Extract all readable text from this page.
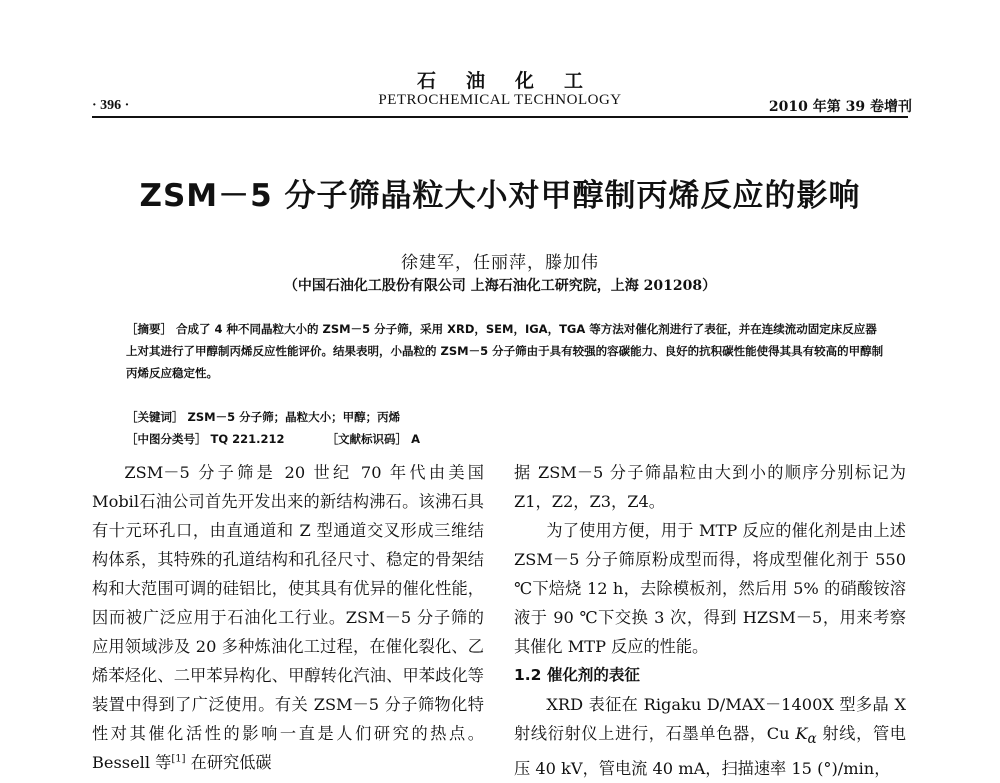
石油化工
PETROCHEMICAL TECHNOLOGY
· 396 ·	2010 年第 39 卷增刊
ZSM－5 分子筛晶粒大小对甲醇制丙烯反应的影响
徐建军，任丽萍，滕加伟
（中国石油化工股份有限公司 上海石油化工研究院，上海 201208）
［摘要］ 合成了 4 种不同晶粒大小的 ZSM－5 分子筛，采用 XRD，SEM，IGA，TGA 等方法对催化剂进行了表征，并在连续流动固定床反应器上对其进行了甲醇制丙烯反应性能评价。结果表明，小晶粒的 ZSM－5 分子筛由于具有较强的容碳能力、良好的抗积碳性能使得其具有较高的甲醇制丙烯反应稳定性。
［关键词］ ZSM－5 分子筛；晶粒大小；甲醇；丙烯
［中图分类号］ TQ 221.212	［文献标识码］ A

ZSM－5 分子筛是 20 世纪 70 年代由美国 Mobil石油公司首先开发出来的新结构沸石。该沸石具有十元环孔口，由直通道和 Z 型通道交叉形成三维结构体系，其特殊的孔道结构和孔径尺寸、稳定的骨架结构和大范围可调的硅铝比，使其具有优异的催化性能，因而被广泛应用于石油化工行业。ZSM－5 分子筛的应用领域涉及 20 多种炼油化工过程，在催化裂化、乙烯苯烃化、二甲苯异构化、甲醇转化汽油、甲苯歧化等装置中得到了广泛使用。有关 ZSM－5 分子筛物化特性对其催化活性的影响一直是人们研究的热点。Bessell 等[1] 在研究低碳

据 ZSM－5 分子筛晶粒由大到小的顺序分别标记为 Z1，Z2，Z3，Z4。

为了使用方便，用于 MTP 反应的催化剂是由上述 ZSM－5 分子筛原粉成型而得，将成型催化剂于 550 ℃下焙烧 12 h，去除模板剂，然后用 5% 的硝酸铵溶液于 90 ℃下交换 3 次，得到 HZSM－5，用来考察其催化 MTP 反应的性能。

1.2 催化剂的表征

XRD 表征在 Rigaku D/MAX－1400X 型多晶 X 射线衍射仪上进行，石墨单色器，Cu $K_\alpha$ 射线，管电压 40 kV，管电流 40 mA，扫描速率 15 (°)/min，
